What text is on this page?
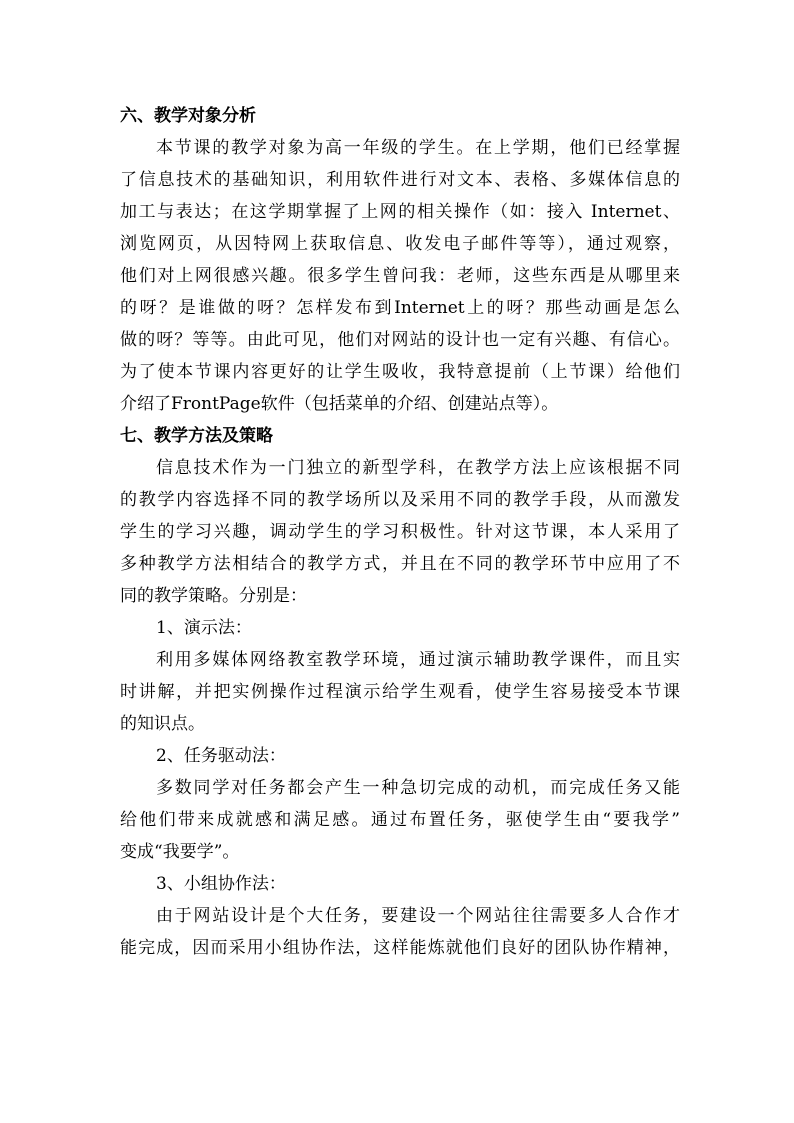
六、教学对象分析
本节课的教学对象为高一年级的学生。在上学期，他们已经掌握
了信息技术的基础知识，利用软件进行对文本、表格、多媒体信息的
加工与表达；在这学期掌握了上网的相关操作（如：接入 Internet、
浏览网页，从因特网上获取信息、收发电子邮件等等），通过观察，
他们对上网很感兴趣。很多学生曾问我：老师，这些东西是从哪里来
的呀？是谁做的呀？怎样发布到Internet上的呀？那些动画是怎么
做的呀？等等。由此可见，他们对网站的设计也一定有兴趣、有信心。
为了使本节课内容更好的让学生吸收，我特意提前（上节课）给他们
介绍了FrontPage软件（包括菜单的介绍、创建站点等）。
七、教学方法及策略
信息技术作为一门独立的新型学科，在教学方法上应该根据不同
的教学内容选择不同的教学场所以及采用不同的教学手段，从而激发
学生的学习兴趣，调动学生的学习积极性。针对这节课，本人采用了
多种教学方法相结合的教学方式，并且在不同的教学环节中应用了不
同的教学策略。分别是：
1、演示法：
利用多媒体网络教室教学环境，通过演示辅助教学课件，而且实
时讲解，并把实例操作过程演示给学生观看，使学生容易接受本节课
的知识点。
2、任务驱动法：
多数同学对任务都会产生一种急切完成的动机，而完成任务又能
给他们带来成就感和满足感。通过布置任务，驱使学生由“要我学”
变成“我要学”。
3、小组协作法：
由于网站设计是个大任务，要建设一个网站往往需要多人合作才
能完成，因而采用小组协作法，这样能炼就他们良好的团队协作精神，
